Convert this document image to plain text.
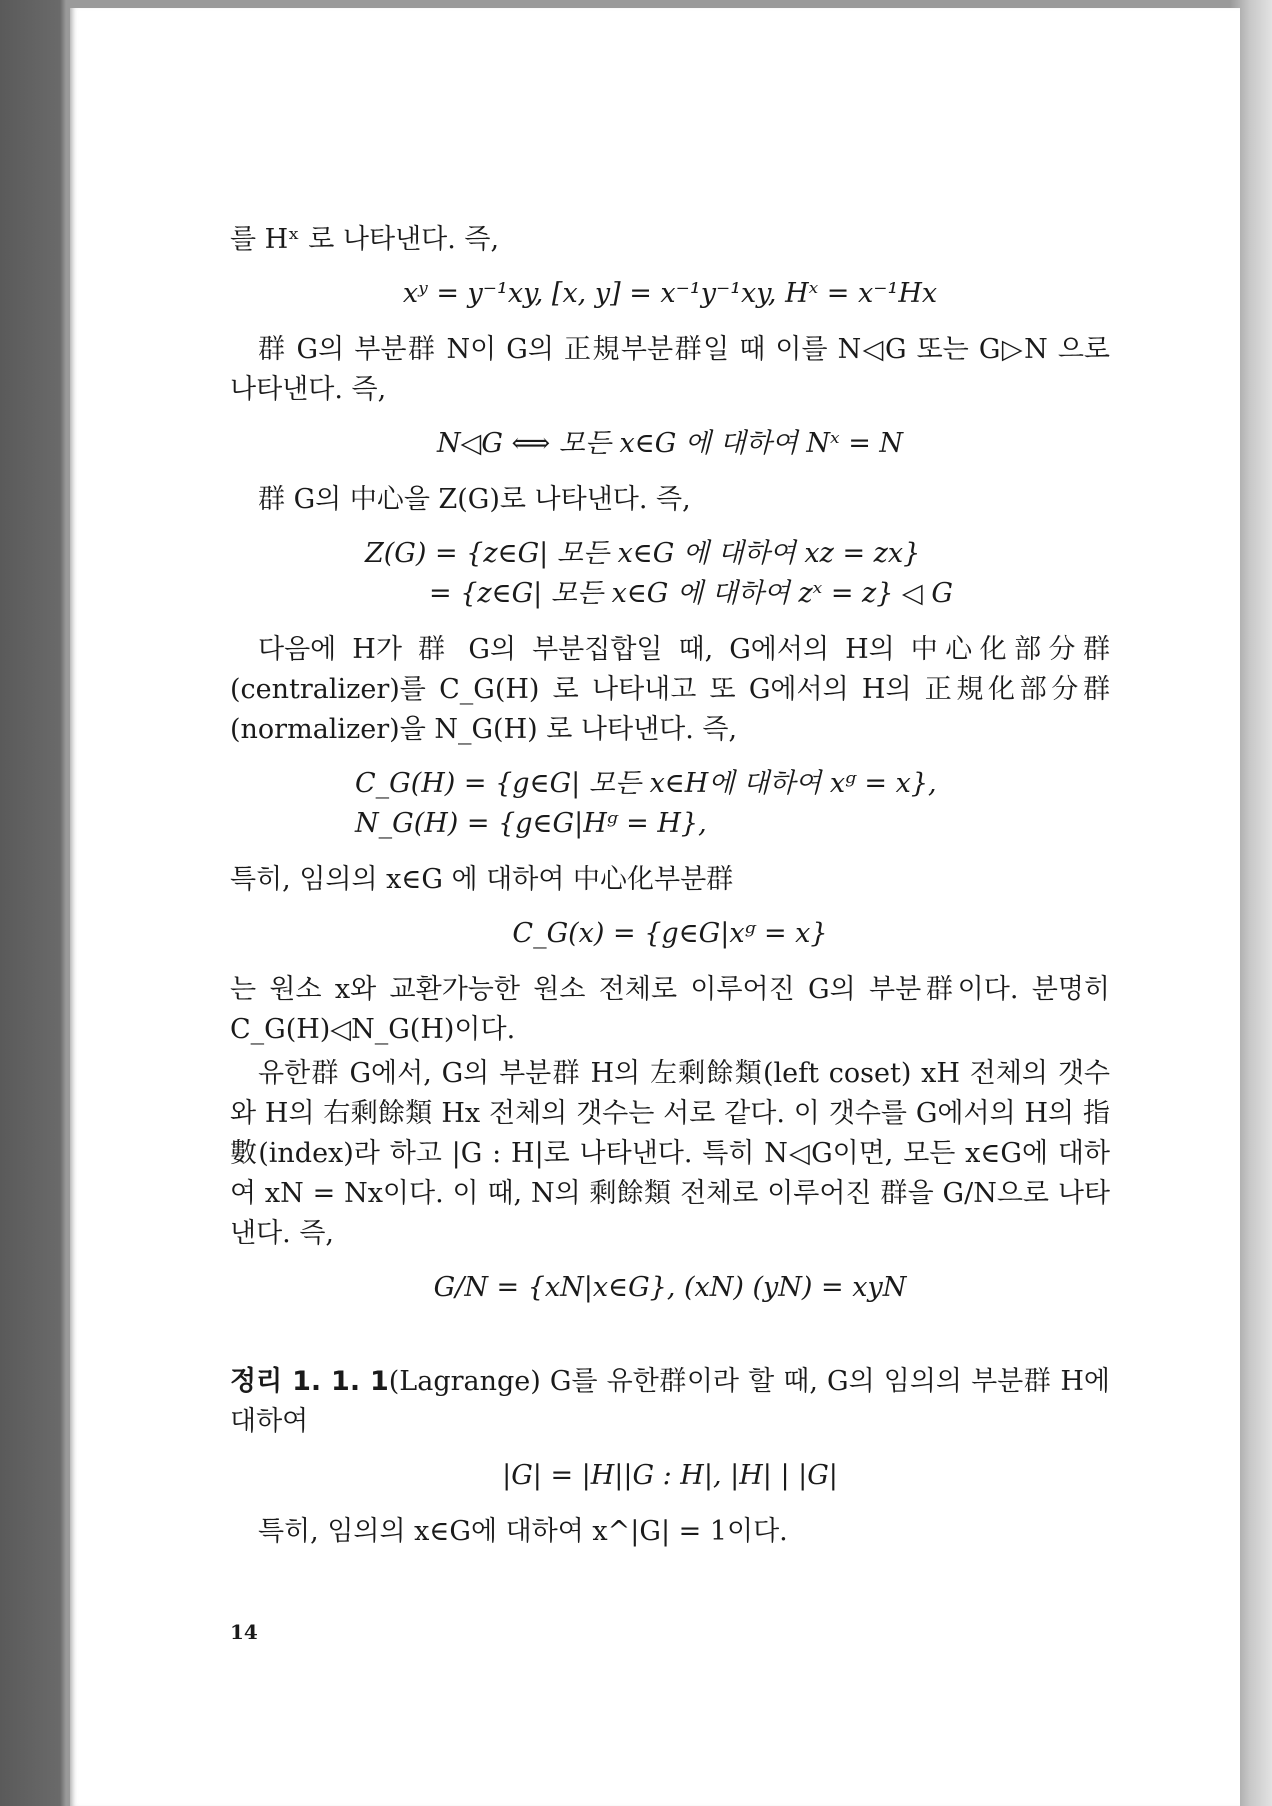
를 Hˣ 로 나타낸다. 즉,

xʸ = y⁻¹xy, [x, y] = x⁻¹y⁻¹xy, Hˣ = x⁻¹Hx

群 G의 부분群 N이 G의 正規부분群일 때 이를 N◁G 또는 G▷N 으로 나타낸다. 즉,

N◁G ⟺ 모든 x∈G 에 대하여 Nˣ = N

群 G의 中心을 Z(G)로 나타낸다. 즉,

Z(G) = {z∈G| 모든 x∈G 에 대하여 xz = zx}
= {z∈G| 모든 x∈G 에 대하여 zˣ = z} ◁ G

다음에 H가 群 G의 부분집합일 때, G에서의 H의 中心化部分群 (centralizer)를 C_G(H) 로 나타내고 또 G에서의 H의 正規化部分群 (normalizer)을 N_G(H) 로 나타낸다. 즉,

C_G(H) = {g∈G| 모든 x∈H에 대하여 xᵍ = x},
N_G(H) = {g∈G|Hᵍ = H},

특히, 임의의 x∈G 에 대하여 中心化부분群

C_G(x) = {g∈G|xᵍ = x}

는 원소 x와 교환가능한 원소 전체로 이루어진 G의 부분群이다. 분명히 C_G(H)◁N_G(H)이다.

유한群 G에서, G의 부분群 H의 左剩餘類(left coset) xH 전체의 갯수와 H의 右剩餘類 Hx 전체의 갯수는 서로 같다. 이 갯수를 G에서의 H의 指數(index)라 하고 |G : H|로 나타낸다. 특히 N◁G이면, 모든 x∈G에 대하여 xN = Nx이다. 이 때, N의 剩餘類 전체로 이루어진 群을 G/N으로 나타낸다. 즉,

G/N = {xN|x∈G}, (xN) (yN) = xyN

정리 1. 1. 1(Lagrange) G를 유한群이라 할 때, G의 임의의 부분群 H에 대하여

|G| = |H||G : H|, |H| | |G|

특히, 임의의 x∈G에 대하여 x^|G| = 1이다.

14
